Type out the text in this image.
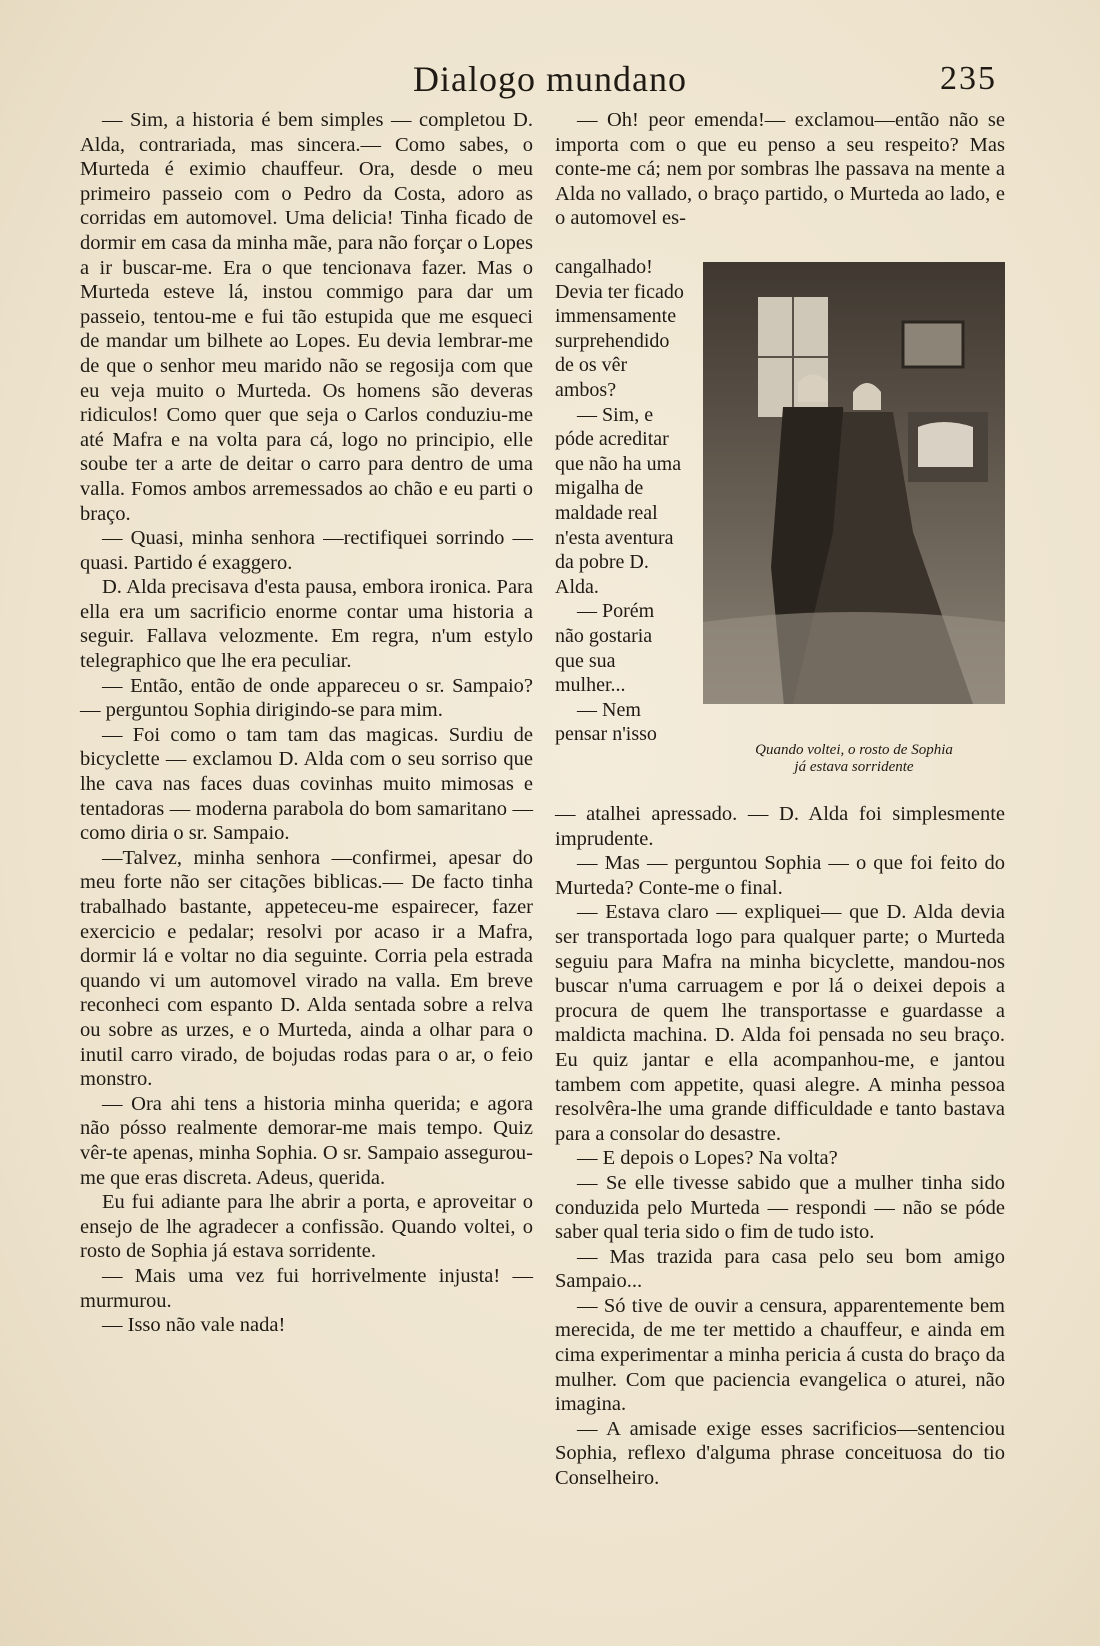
Dialogo mundano	235

— Sim, a historia é bem simples — completou D. Alda, contrariada, mas sincera.— Como sabes, o Murteda é eximio chauffeur. Ora, desde o meu primeiro passeio com o Pedro da Costa, adoro as corridas em automovel. Uma delicia! Tinha ficado de dormir em casa da minha mãe, para não forçar o Lopes a ir buscar-me. Era o que tencionava fazer. Mas o Murteda esteve lá, instou commigo para dar um passeio, tentou-me e fui tão estupida que me esqueci de mandar um bilhete ao Lopes. Eu devia lembrar-me de que o senhor meu marido não se regosija com que eu veja muito o Murteda. Os homens são deveras ridiculos! Como quer que seja o Carlos conduziu-me até Mafra e na volta para cá, logo no principio, elle soube ter a arte de deitar o carro para dentro de uma valla. Fomos ambos arremessados ao chão e eu parti o braço.

— Quasi, minha senhora —rectifiquei sorrindo — quasi. Partido é exaggero.

D. Alda precisava d'esta pausa, embora ironica. Para ella era um sacrificio enorme contar uma historia a seguir. Fallava velozmente. Em regra, n'um estylo telegraphico que lhe era peculiar.

— Então, então de onde appareceu o sr. Sampaio? — perguntou Sophia dirigindo-se para mim.

— Foi como o tam tam das magicas. Surdiu de bicyclette — exclamou D. Alda com o seu sorriso que lhe cava nas faces duas covinhas muito mimosas e tentadoras — moderna parabola do bom samaritano — como diria o sr. Sampaio.

—Talvez, minha senhora —confirmei, apesar do meu forte não ser citações biblicas.— De facto tinha trabalhado bastante, appeteceu-me espairecer, fazer exercicio e pedalar; resolvi por acaso ir a Mafra, dormir lá e voltar no dia seguinte. Corria pela estrada quando vi um automovel virado na valla. Em breve reconheci com espanto D. Alda sentada sobre a relva ou sobre as urzes, e o Murteda, ainda a olhar para o inutil carro virado, de bojudas rodas para o ar, o feio monstro.

— Ora ahi tens a historia minha querida; e agora não pósso realmente demorar-me mais tempo. Quiz vêr-te apenas, minha Sophia. O sr. Sampaio assegurou-me que eras discreta. Adeus, querida.

Eu fui adiante para lhe abrir a porta, e aproveitar o ensejo de lhe agradecer a confissão. Quando voltei, o rosto de Sophia já estava sorridente.

— Mais uma vez fui horrivelmente injusta! —murmurou.

— Isso não vale nada!

— Oh! peor emenda!— exclamou—então não se importa com o que eu penso a seu respeito? Mas conte-me cá; nem por sombras lhe passava na mente a Alda no vallado, o braço partido, o Murteda ao lado, e o automovel es-

cangalhado! Devia ter ficado immensamente surprehendido de os vêr ambos?

— Sim, e póde acreditar que não ha uma migalha de maldade real n'esta aventura da pobre D. Alda.

— Porém não gostaria que sua mulher...

— Nem pensar n'isso

Quando voltei, o rosto de Sophia
já estava sorridente

— atalhei apressado. — D. Alda foi simplesmente imprudente.

— Mas — perguntou Sophia — o que foi feito do Murteda? Conte-me o final.

— Estava claro — expliquei— que D. Alda devia ser transportada logo para qualquer parte; o Murteda seguiu para Mafra na minha bicyclette, mandou-nos buscar n'uma carruagem e por lá o deixei depois a procura de quem lhe transportasse e guardasse a maldicta machina. D. Alda foi pensada no seu braço. Eu quiz jantar e ella acompanhou-me, e jantou tambem com appetite, quasi alegre. A minha pessoa resolvêra-lhe uma grande difficuldade e tanto bastava para a consolar do desastre.

— E depois o Lopes? Na volta?

— Se elle tivesse sabido que a mulher tinha sido conduzida pelo Murteda — respondi — não se póde saber qual teria sido o fim de tudo isto.

— Mas trazida para casa pelo seu bom amigo Sampaio...

— Só tive de ouvir a censura, apparentemente bem merecida, de me ter mettido a chauffeur, e ainda em cima experimentar a minha pericia á custa do braço da mulher. Com que paciencia evangelica o aturei, não imagina.

— A amisade exige esses sacrificios—sentenciou Sophia, reflexo d'alguma phrase conceituosa do tio Conselheiro.
